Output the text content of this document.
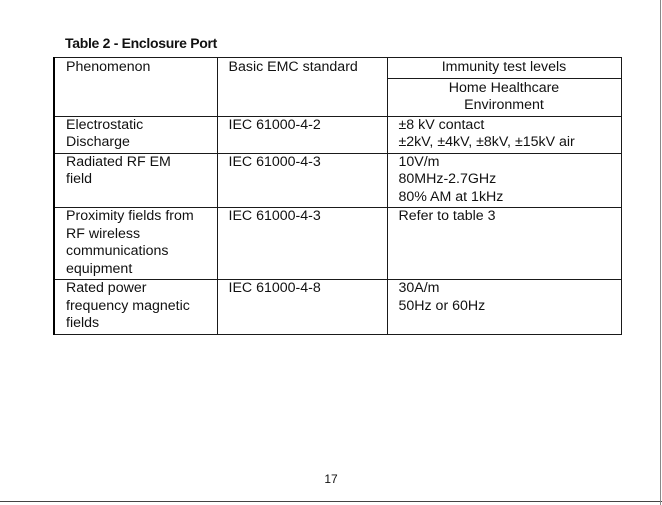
Table 2 - Enclosure Port
Phenomenon	Basic EMC standard	Immunity test levels

		Home Healthcare
Environment

Electrostatic
Discharge	IEC 61000-4-2	±8 kV contact
±2kV, ±4kV, ±8kV, ±15kV air

Radiated RF EM
field	IEC 61000-4-3	10V/m
80MHz-2.7GHz
80% AM at 1kHz

Proximity fields from
RF wireless
communications
equipment	IEC 61000-4-3	Refer to table 3

Rated power
frequency magnetic
fields	IEC 61000-4-8	30A/m
50Hz or 60Hz
17
